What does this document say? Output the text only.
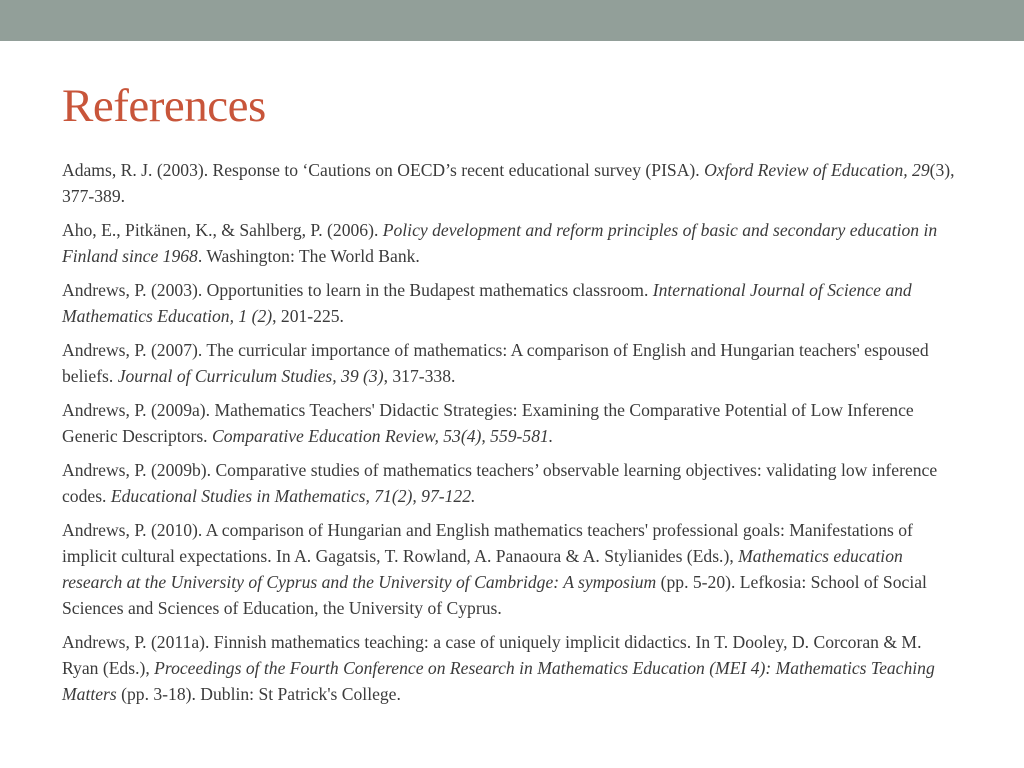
References
Adams, R. J. (2003). Response to ‘Cautions on OECD’s recent educational survey (PISA). Oxford Review of Education, 29(3), 377-389.
Aho, E., Pitkänen, K., & Sahlberg, P. (2006). Policy development and reform principles of basic and secondary education in Finland since 1968. Washington: The World Bank.
Andrews, P. (2003). Opportunities to learn in the Budapest mathematics classroom. International Journal of Science and Mathematics Education, 1 (2), 201-225.
Andrews, P. (2007). The curricular importance of mathematics: A comparison of English and Hungarian teachers' espoused beliefs. Journal of Curriculum Studies, 39 (3), 317-338.
Andrews, P. (2009a). Mathematics Teachers' Didactic Strategies: Examining the Comparative Potential of Low Inference Generic Descriptors. Comparative Education Review, 53(4), 559-581.
Andrews, P. (2009b). Comparative studies of mathematics teachers’ observable learning objectives: validating low inference codes. Educational Studies in Mathematics, 71(2), 97-122.
Andrews, P. (2010). A comparison of Hungarian and English mathematics teachers' professional goals: Manifestations of implicit cultural expectations. In A. Gagatsis, T. Rowland, A. Panaoura & A. Stylianides (Eds.), Mathematics education research at the University of Cyprus and the University of Cambridge: A symposium (pp. 5-20). Lefkosia: School of Social Sciences and Sciences of Education, the University of Cyprus.
Andrews, P. (2011a). Finnish mathematics teaching: a case of uniquely implicit didactics. In T. Dooley, D. Corcoran & M. Ryan (Eds.), Proceedings of the Fourth Conference on Research in Mathematics Education (MEI 4): Mathematics Teaching Matters (pp. 3-18). Dublin: St Patrick's College.
